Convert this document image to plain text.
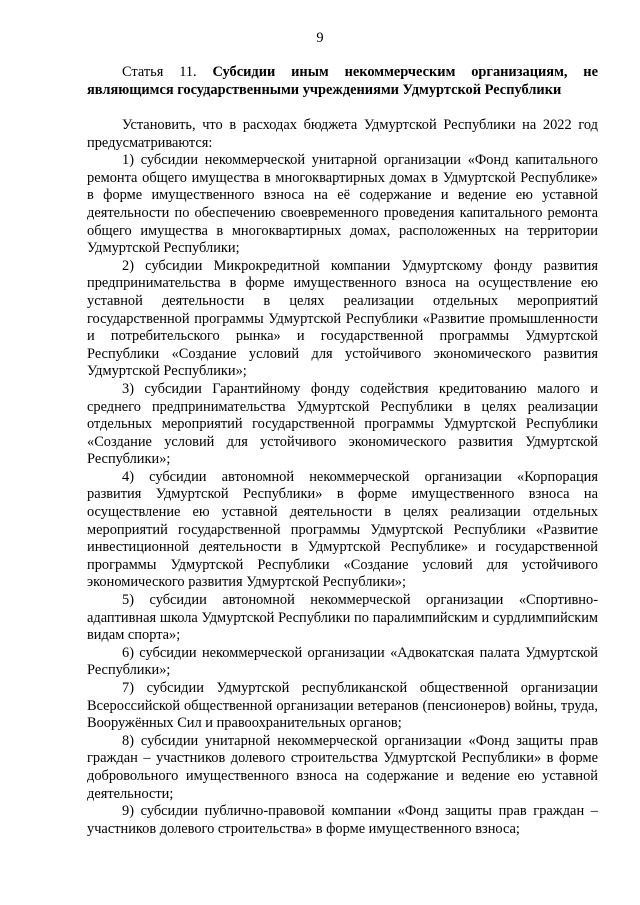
9
Статья 11. Субсидии иным некоммерческим организациям, не являющимся государственными учреждениями Удмуртской Республики

Установить, что в расходах бюджета Удмуртской Республики на 2022 год предусматриваются:

1) субсидии некоммерческой унитарной организации «Фонд капитального ремонта общего имущества в многоквартирных домах в Удмуртской Республике» в форме имущественного взноса на её содержание и ведение ею уставной деятельности по обеспечению своевременного проведения капитального ремонта общего имущества в многоквартирных домах, расположенных на территории Удмуртской Республики;

2) субсидии Микрокредитной компании Удмуртскому фонду развития предпринимательства в форме имущественного взноса на осуществление ею уставной деятельности в целях реализации отдельных мероприятий государственной программы Удмуртской Республики «Развитие промышленности и потребительского рынка» и государственной программы Удмуртской Республики «Создание условий для устойчивого экономического развития Удмуртской Республики»;

3) субсидии Гарантийному фонду содействия кредитованию малого и среднего предпринимательства Удмуртской Республики в целях реализации отдельных мероприятий государственной программы Удмуртской Республики «Создание условий для устойчивого экономического развития Удмуртской Республики»;

4) субсидии автономной некоммерческой организации «Корпорация развития Удмуртской Республики» в форме имущественного взноса на осуществление ею уставной деятельности в целях реализации отдельных мероприятий государственной программы Удмуртской Республики «Развитие инвестиционной деятельности в Удмуртской Республике» и государственной программы Удмуртской Республики «Создание условий для устойчивого экономического развития Удмуртской Республики»;

5) субсидии автономной некоммерческой организации «Спортивно-адаптивная школа Удмуртской Республики по паралимпийским и сурдлимпийским видам спорта»;

6) субсидии некоммерческой организации «Адвокатская палата Удмуртской Республики»;

7) субсидии Удмуртской республиканской общественной организации Всероссийской общественной организации ветеранов (пенсионеров) войны, труда, Вооружённых Сил и правоохранительных органов;

8) субсидии унитарной некоммерческой организации «Фонд защиты прав граждан – участников долевого строительства Удмуртской Республики» в форме добровольного имущественного взноса на содержание и ведение ею уставной деятельности;

9) субсидии публично-правовой компании «Фонд защиты прав граждан – участников долевого строительства» в форме имущественного взноса;
